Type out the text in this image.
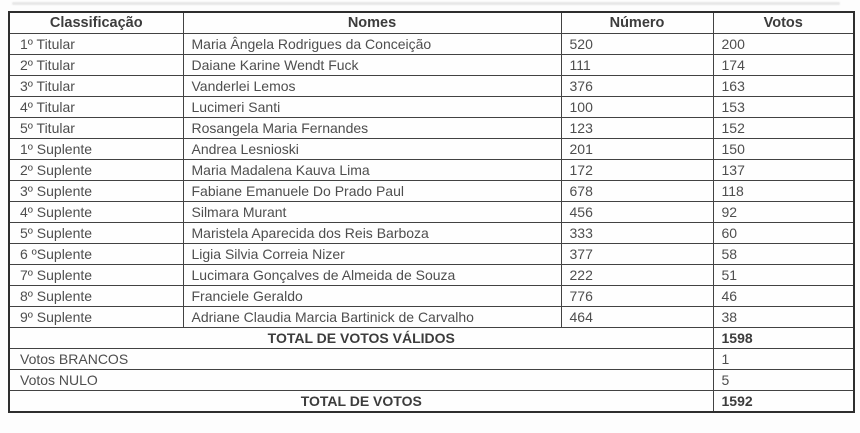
Classificação	Nomes	Número	Votos
1º Titular	Maria Ângela Rodrigues da Conceição	520	200
2º Titular	Daiane Karine Wendt Fuck	111	174
3º Titular	Vanderlei Lemos	376	163
4º Titular	Lucimeri Santi	100	153
5º Titular	Rosangela Maria Fernandes	123	152
1º Suplente	Andrea Lesnioski	201	150
2º Suplente	Maria Madalena Kauva Lima	172	137
3º Suplente	Fabiane Emanuele Do Prado Paul	678	118
4º Suplente	Silmara Murant	456	92
5º Suplente	Maristela Aparecida dos Reis Barboza	333	60
6 ºSuplente	Ligia Silvia Correia Nizer	377	58
7º Suplente	Lucimara Gonçalves de Almeida de Souza	222	51
8º Suplente	Franciele Geraldo	776	46
9º Suplente	Adriane Claudia Marcia Bartinick de Carvalho	464	38
TOTAL DE VOTOS VÁLIDOS			1598
Votos BRANCOS			1
Votos NULO			5
TOTAL DE VOTOS			1592
